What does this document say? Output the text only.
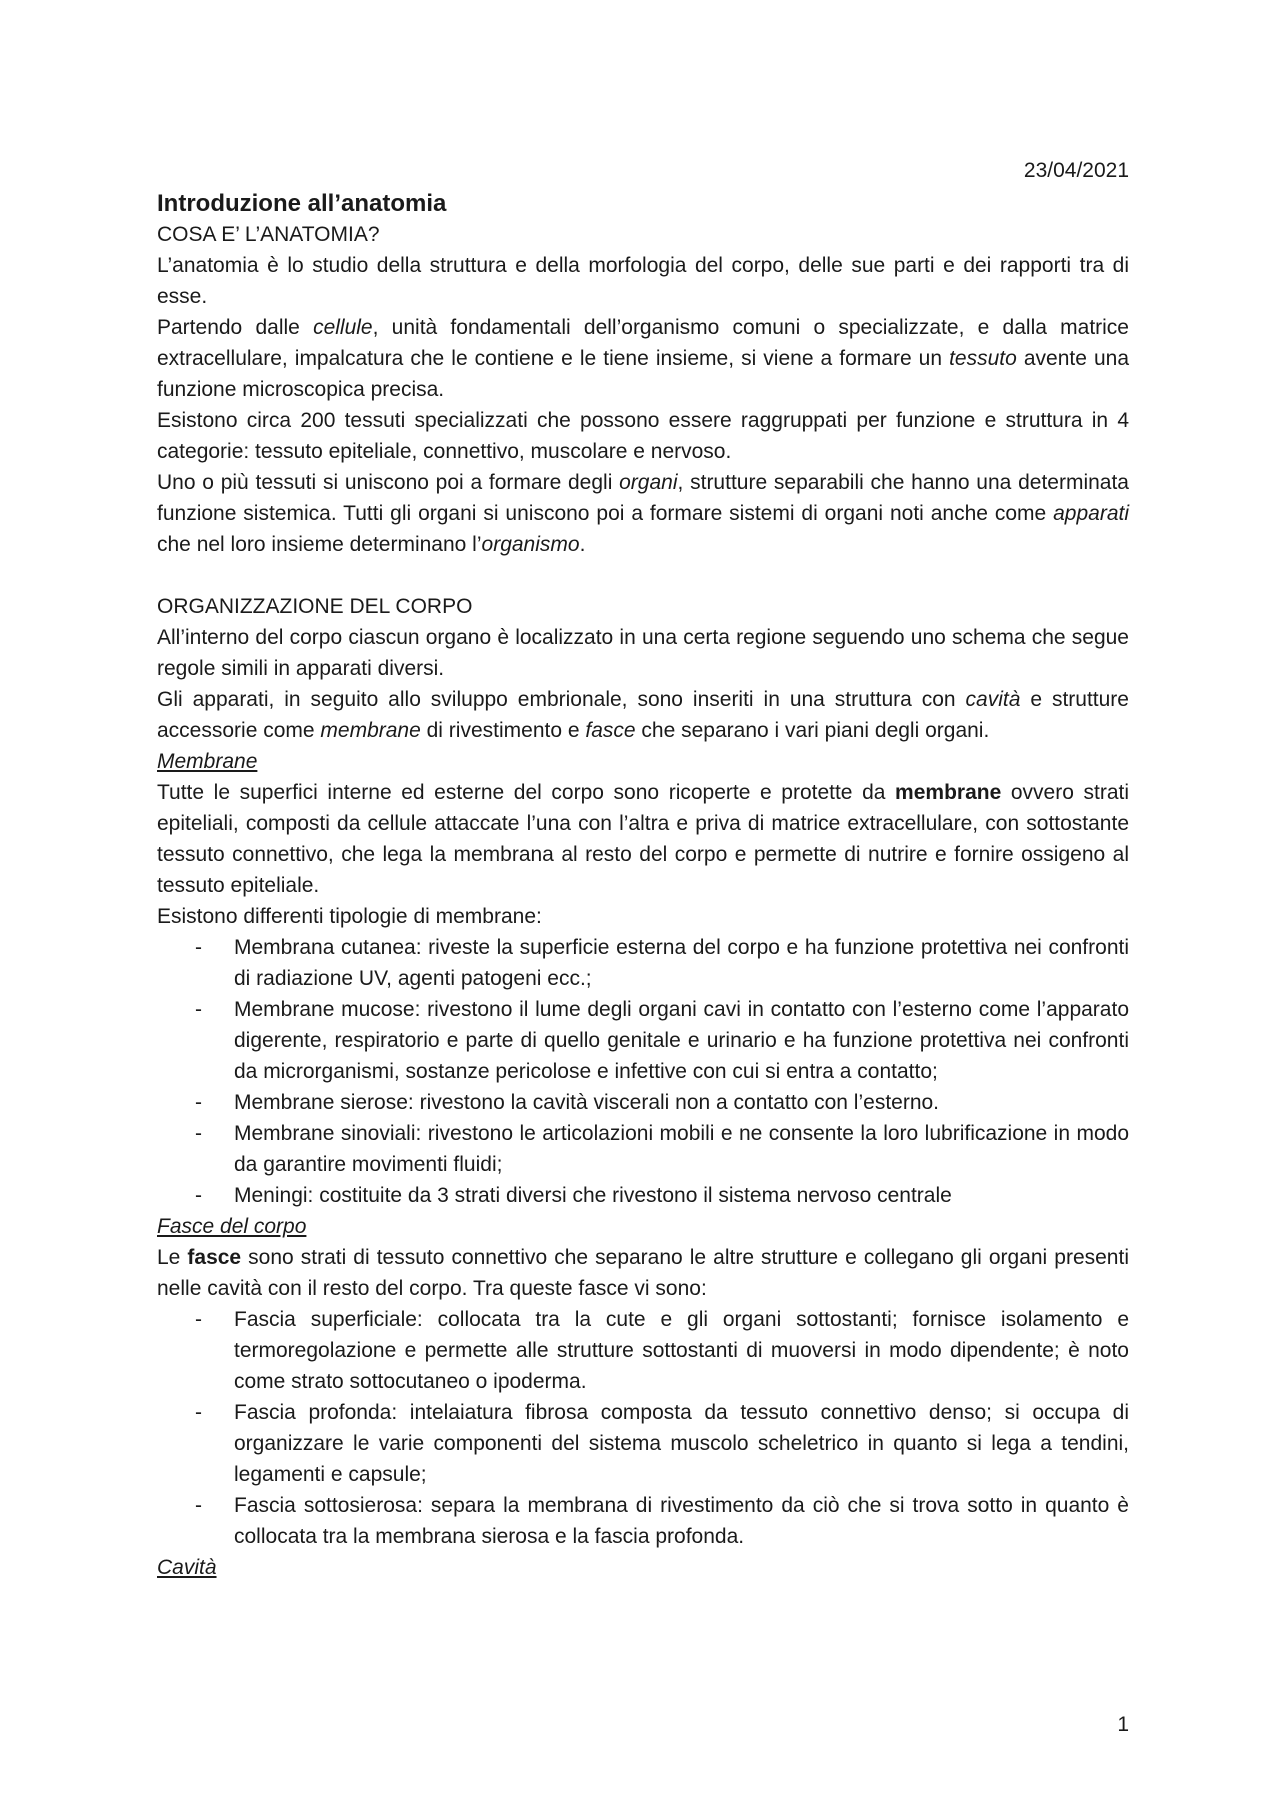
23/04/2021

Introduzione all’anatomia

COSA E’ L’ANATOMIA?

L’anatomia è lo studio della struttura e della morfologia del corpo, delle sue parti e dei rapporti tra di esse.

Partendo dalle cellule, unità fondamentali dell’organismo comuni o specializzate, e dalla matrice extracellulare, impalcatura che le contiene e le tiene insieme, si viene a formare un tessuto avente una funzione microscopica precisa.

Esistono circa 200 tessuti specializzati che possono essere raggruppati per funzione e struttura in 4 categorie: tessuto epiteliale, connettivo, muscolare e nervoso.

Uno o più tessuti si uniscono poi a formare degli organi, strutture separabili che hanno una determinata funzione sistemica. Tutti gli organi si uniscono poi a formare sistemi di organi noti anche come apparati che nel loro insieme determinano l’organismo.

ORGANIZZAZIONE DEL CORPO

All’interno del corpo ciascun organo è localizzato in una certa regione seguendo uno schema che segue regole simili in apparati diversi.

Gli apparati, in seguito allo sviluppo embrionale, sono inseriti in una struttura con cavità e strutture accessorie come membrane di rivestimento e fasce che separano i vari piani degli organi.

Membrane

Tutte le superfici interne ed esterne del corpo sono ricoperte e protette da membrane ovvero strati epiteliali, composti da cellule attaccate l’una con l’altra e priva di matrice extracellulare, con sottostante tessuto connettivo, che lega la membrana al resto del corpo e permette di nutrire e fornire ossigeno al tessuto epiteliale.

Esistono differenti tipologie di membrane:

- Membrana cutanea: riveste la superficie esterna del corpo e ha funzione protettiva nei confronti di radiazione UV, agenti patogeni ecc.;
- Membrane mucose: rivestono il lume degli organi cavi in contatto con l’esterno come l’apparato digerente, respiratorio e parte di quello genitale e urinario e ha funzione protettiva nei confronti da microrganismi, sostanze pericolose e infettive con cui si entra a contatto;
- Membrane sierose: rivestono la cavità viscerali non a contatto con l’esterno.
- Membrane sinoviali: rivestono le articolazioni mobili e ne consente la loro lubrificazione in modo da garantire movimenti fluidi;
- Meningi: costituite da 3 strati diversi che rivestono il sistema nervoso centrale

Fasce del corpo

Le fasce sono strati di tessuto connettivo che separano le altre strutture e collegano gli organi presenti nelle cavità con il resto del corpo. Tra queste fasce vi sono:

- Fascia superficiale: collocata tra la cute e gli organi sottostanti; fornisce isolamento e termoregolazione e permette alle strutture sottostanti di muoversi in modo dipendente; è noto come strato sottocutaneo o ipoderma.
- Fascia profonda: intelaiatura fibrosa composta da tessuto connettivo denso; si occupa di organizzare le varie componenti del sistema muscolo scheletrico in quanto si lega a tendini, legamenti e capsule;
- Fascia sottosierosa: separa la membrana di rivestimento da ciò che si trova sotto in quanto è collocata tra la membrana sierosa e la fascia profonda.

Cavità

1
